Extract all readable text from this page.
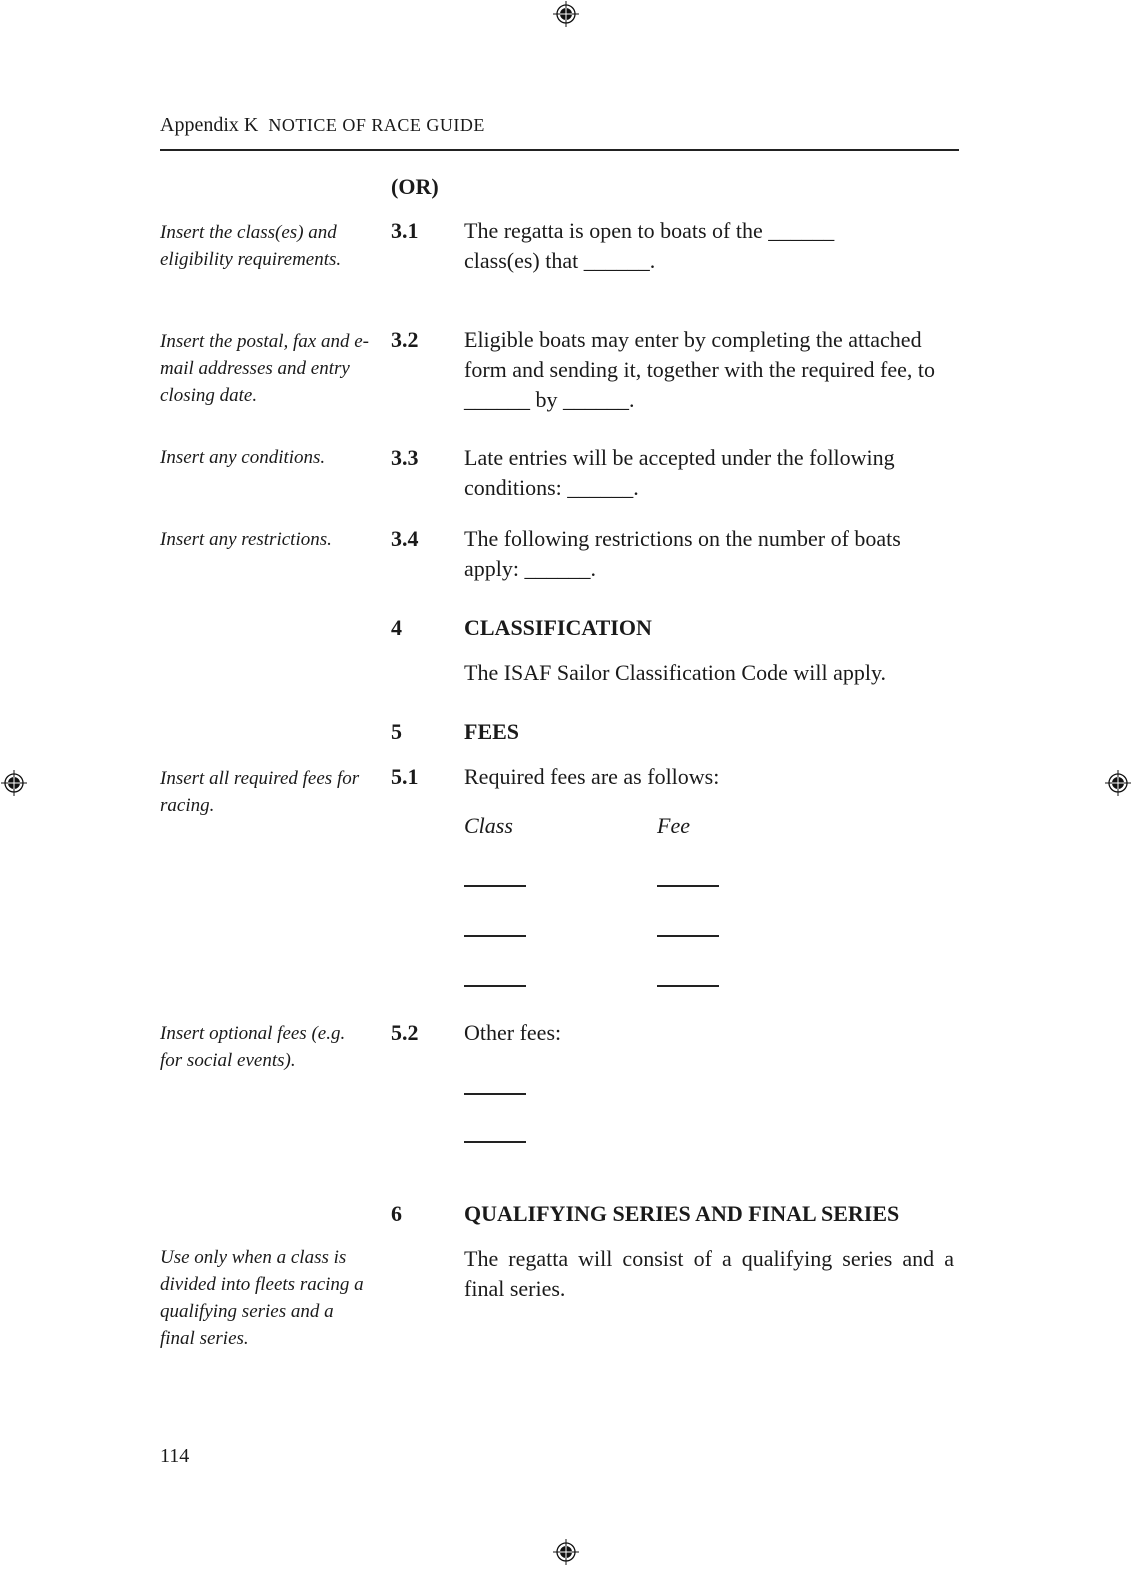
Appendix K NOTICE OF RACE GUIDE
(OR)
Insert the class(es) and eligibility requirements.
3.1 The regatta is open to boats of the ______ class(es) that ______.
Insert the postal, fax and e-mail addresses and entry closing date.
3.2 Eligible boats may enter by completing the attached form and sending it, together with the required fee, to ______ by ______.
Insert any conditions.	3.3 Late entries will be accepted under the following conditions: ______.
Insert any restrictions.	3.4 The following restrictions on the number of boats apply: ______.
4	CLASSIFICATION
The ISAF Sailor Classification Code will apply.
5	FEES
Insert all required fees for racing.
5.1 Required fees are as follows:
Class	Fee
Insert optional fees (e.g. for social events).
5.2 Other fees:
6	QUALIFYING SERIES AND FINAL SERIES
Use only when a class is divided into fleets racing a qualifying series and a final series.
The regatta will consist of a qualifying series and a final series.
114
